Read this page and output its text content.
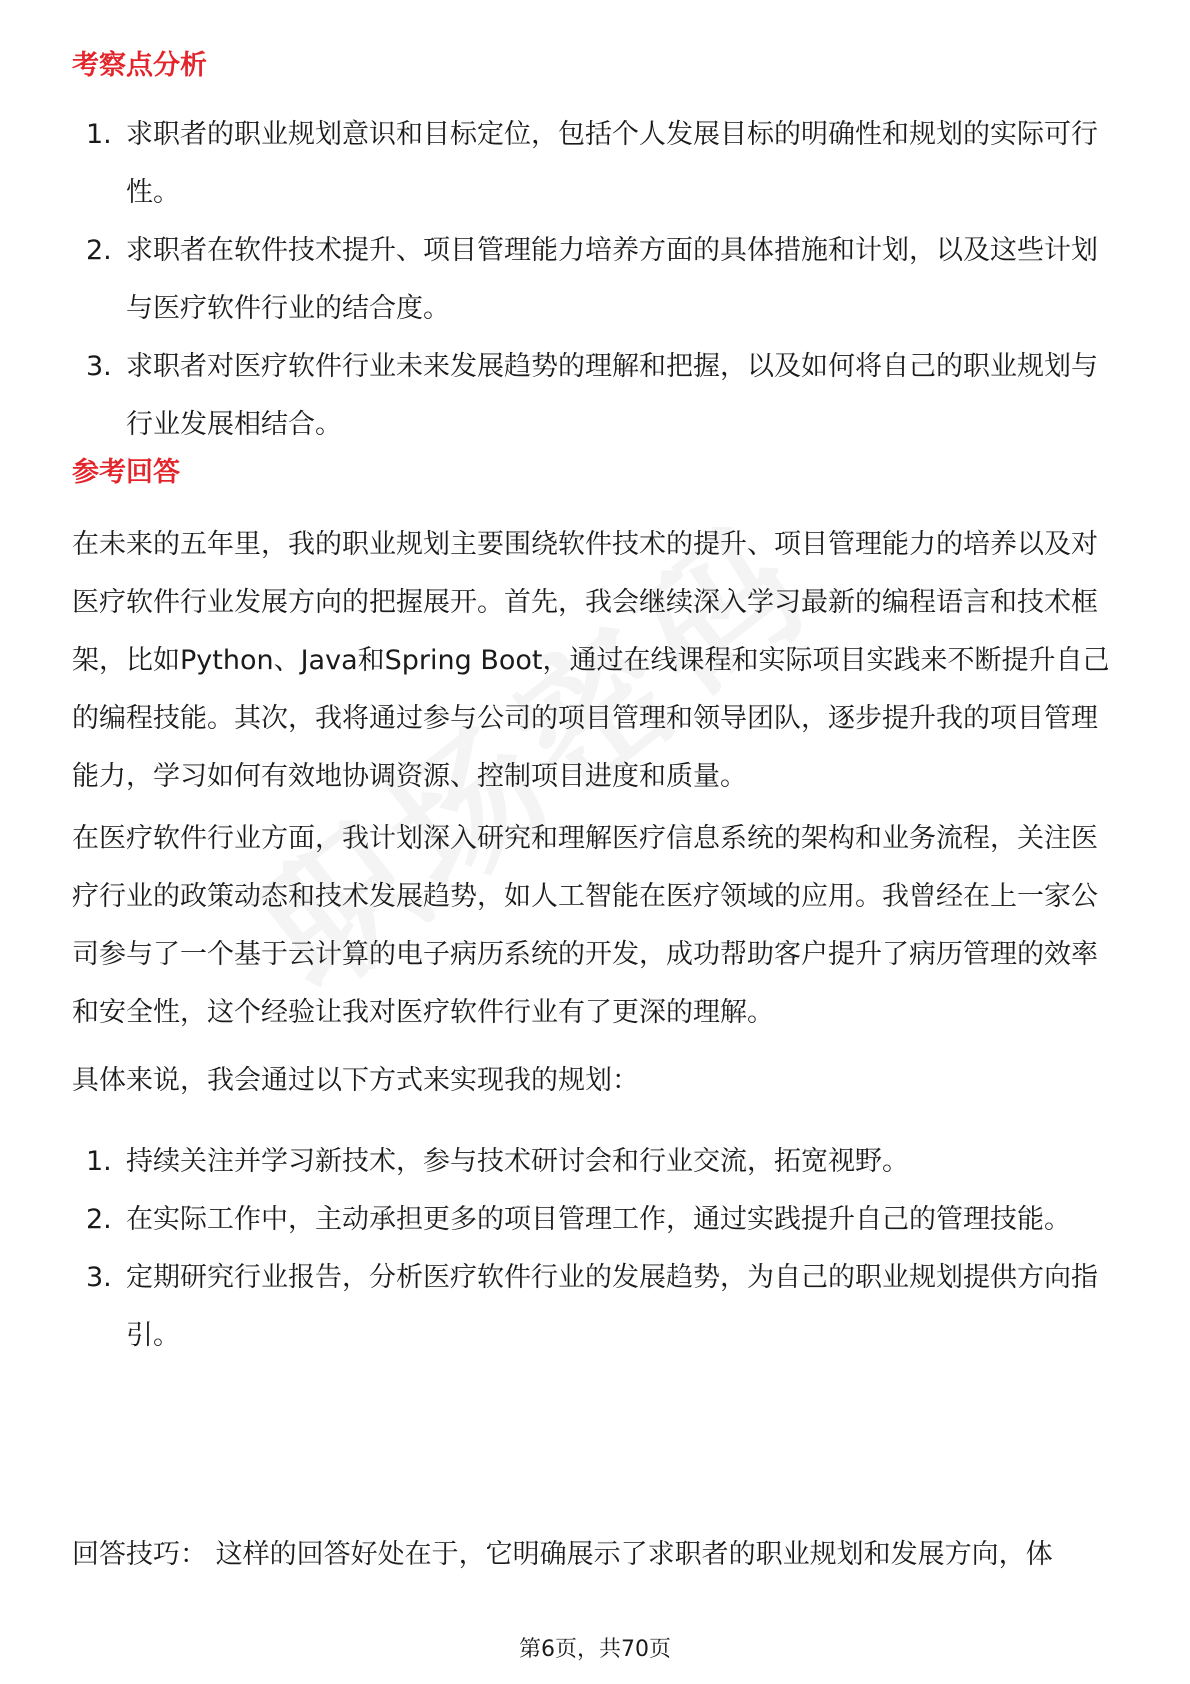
考察点分析
1. 求职者的职业规划意识和目标定位，包括个人发展目标的明确性和规划的实际可行性。
2. 求职者在软件技术提升、项目管理能力培养方面的具体措施和计划，以及这些计划与医疗软件行业的结合度。
3. 求职者对医疗软件行业未来发展趋势的理解和把握，以及如何将自己的职业规划与行业发展相结合。
参考回答

在未来的五年里，我的职业规划主要围绕软件技术的提升、项目管理能力的培养以及对医疗软件行业发展方向的把握展开。首先，我会继续深入学习最新的编程语言和技术框架，比如Python、Java和Spring Boot，通过在线课程和实际项目实践来不断提升自己的编程技能。其次，我将通过参与公司的项目管理和领导团队，逐步提升我的项目管理能力，学习如何有效地协调资源、控制项目进度和质量。

在医疗软件行业方面，我计划深入研究和理解医疗信息系统的架构和业务流程，关注医疗行业的政策动态和技术发展趋势，如人工智能在医疗领域的应用。我曾经在上一家公司参与了一个基于云计算的电子病历系统的开发，成功帮助客户提升了病历管理的效率和安全性，这个经验让我对医疗软件行业有了更深的理解。

具体来说，我会通过以下方式来实现我的规划：

1. 持续关注并学习新技术，参与技术研讨会和行业交流，拓宽视野。
2. 在实际工作中，主动承担更多的项目管理工作，通过实践提升自己的管理技能。
3. 定期研究行业报告，分析医疗软件行业的发展趋势，为自己的职业规划提供方向指引。

回答技巧： 这样的回答好处在于，它明确展示了求职者的职业规划和发展方向，体

第6页，共70页
